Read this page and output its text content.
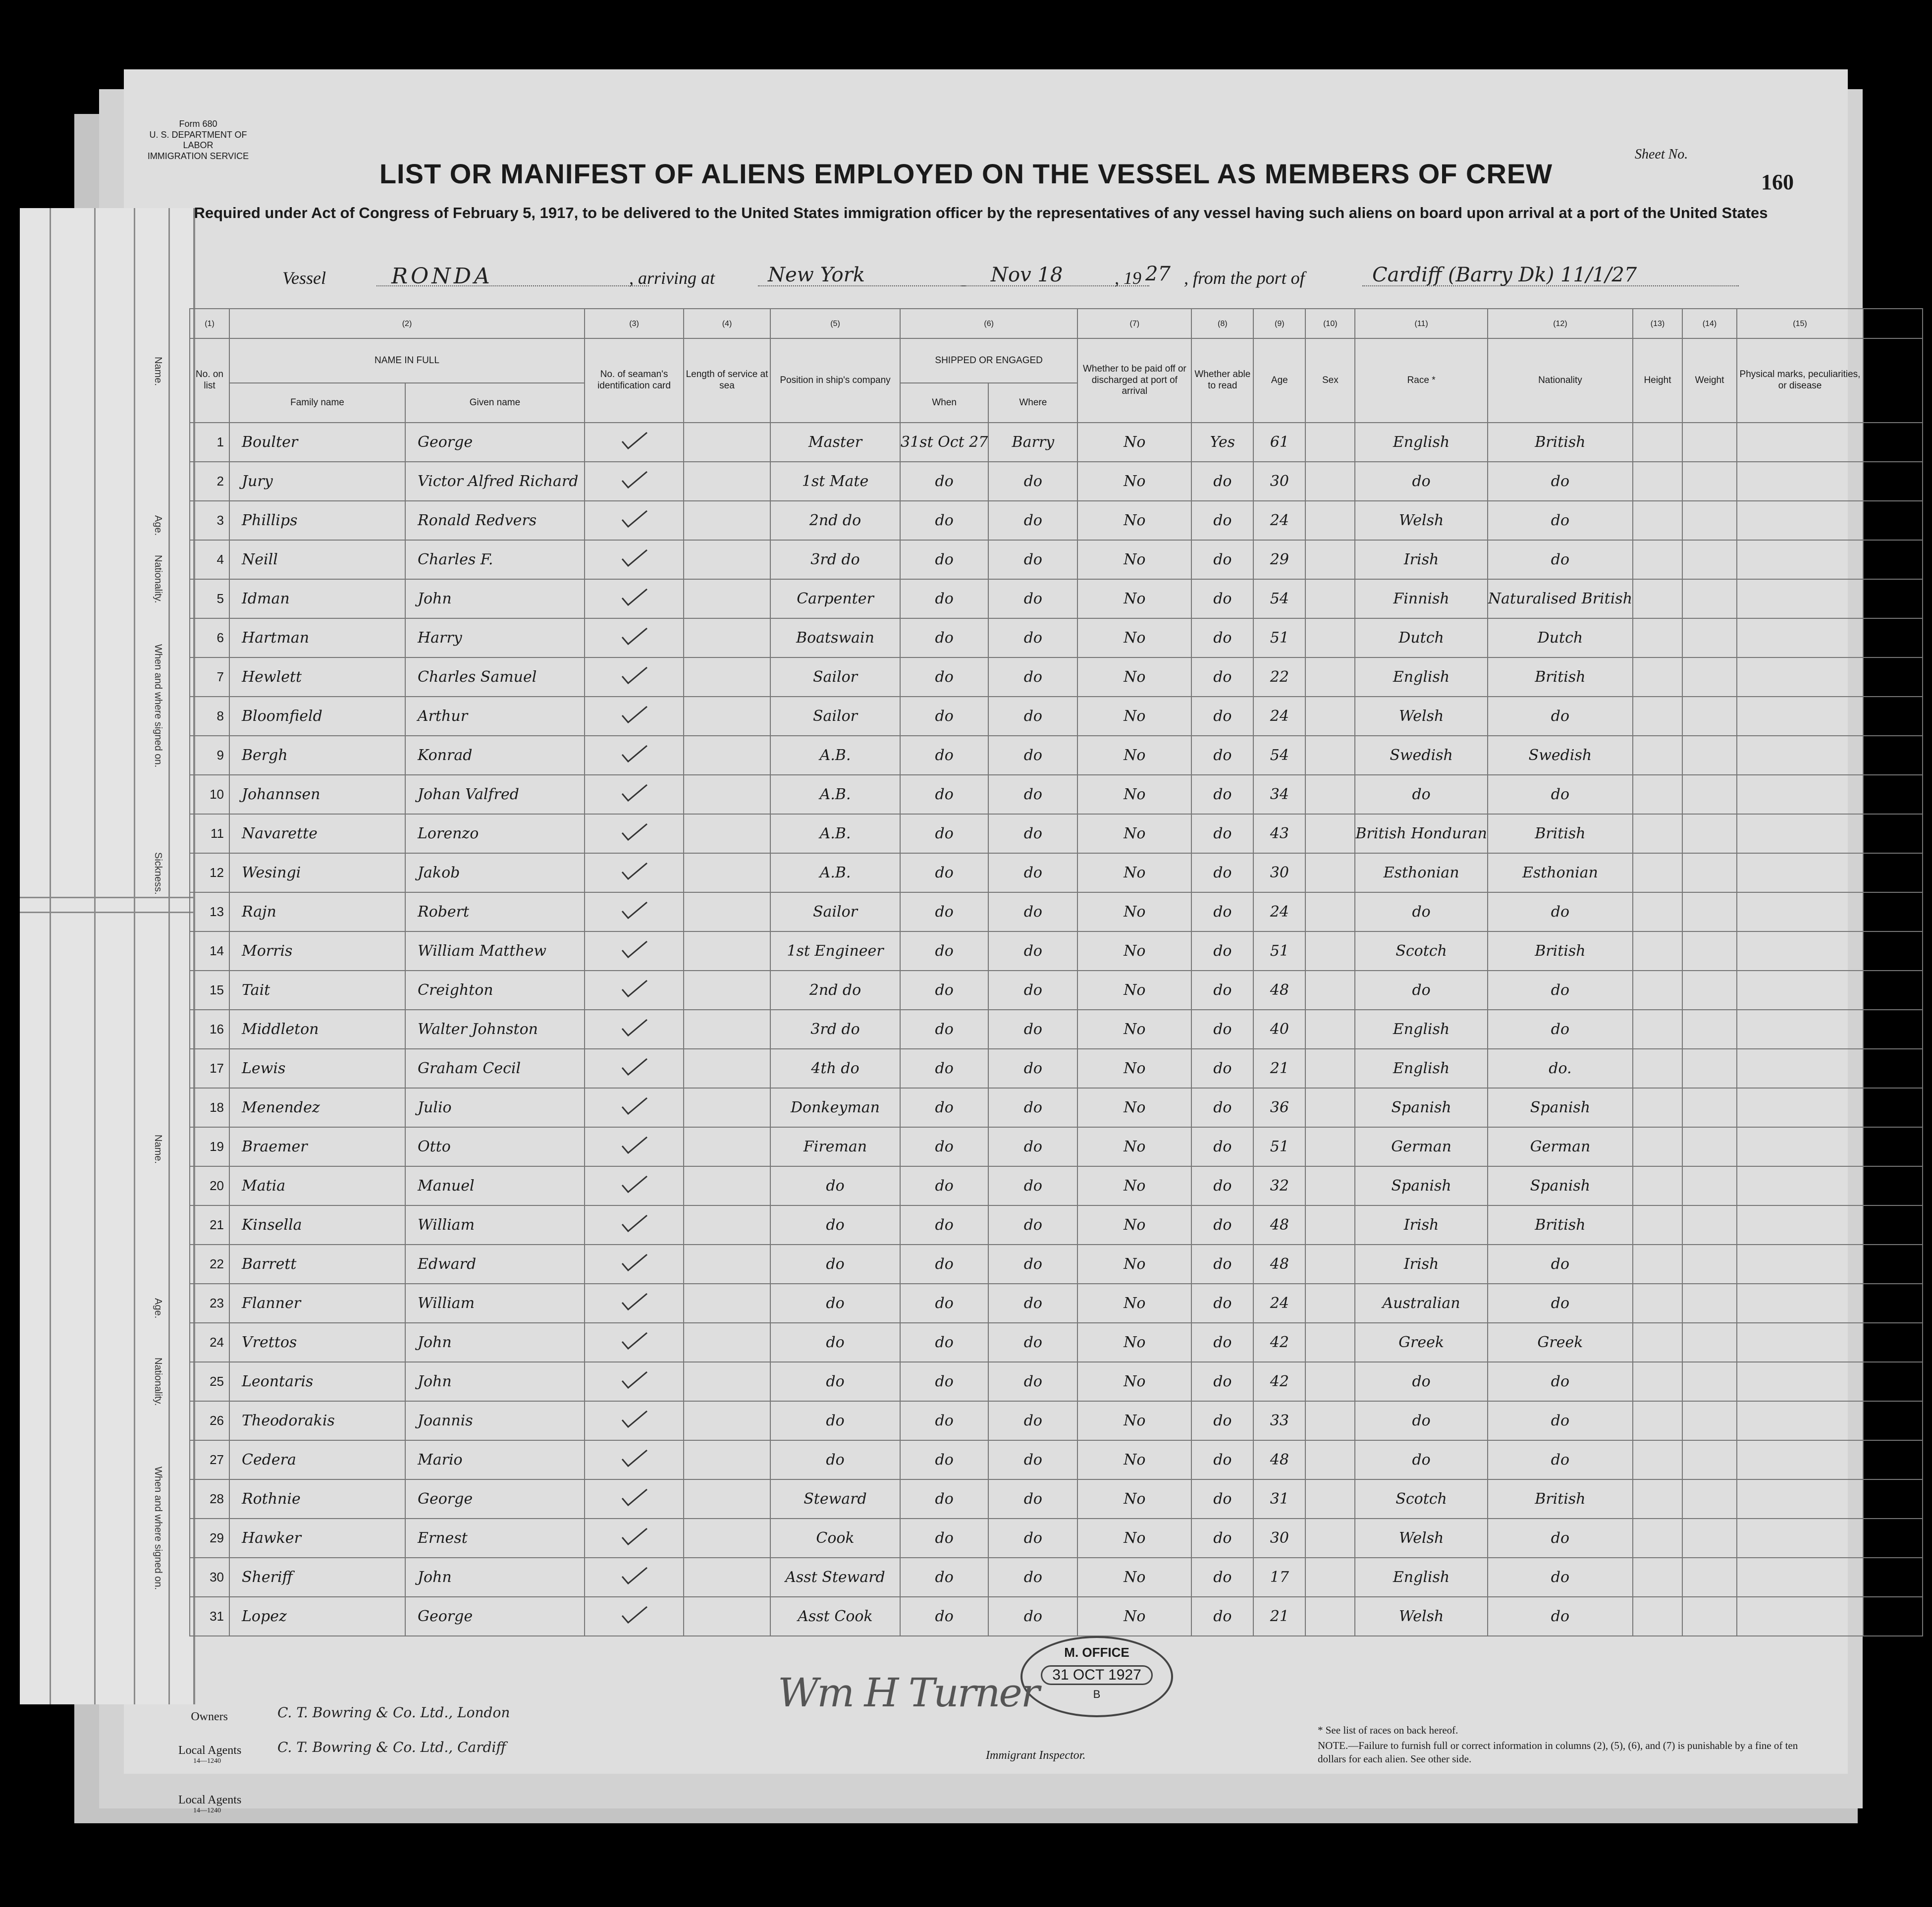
Name.
Age.
Nationality.
When and where signed on.
Sickness.
Name.
Age.
Nationality.
When and where signed on.
Form 680
U. S. DEPARTMENT OF LABOR
IMMIGRATION SERVICE	Sheet No.
160
LIST OR MANIFEST OF ALIENS EMPLOYED ON THE VESSEL AS MEMBERS OF CREW
Required under Act of Congress of February 5, 1917, to be delivered to the United States immigration officer by the representatives of any vessel having such aliens on board upon arrival at a port of the United States
Vessel	RONDA	, arriving at	New York	Nov 18	, 19 27 , from the port of	Cardiff (Barry Dk) 11/1/27
(1)	(2)		(3)	(4)	(5)	(6)		(7)	(8)	(9)	(10)	(11)	(12)	(13)	(14)	(15)	
No. on list	NAME IN FULL		No. of seaman's identification card	Length of service at sea	Position in ship's company	SHIPPED OR ENGAGED		Whether to be paid off or discharged at port of arrival	Whether able to read	Age	Sex	Race *	Nationality	Height	Weight	Physical marks, peculiarities, or disease	
	Family name	Given name				When	Where										
1	Boulter	George			Master	31st Oct 27	Barry	No	Yes	61		English	British				
2	Jury	Victor Alfred Richard			1st Mate	do	do	No	do	30		do	do				
3	Phillips	Ronald Redvers			2nd do	do	do	No	do	24		Welsh	do				
4	Neill	Charles F.			3rd do	do	do	No	do	29		Irish	do				
5	Idman	John			Carpenter	do	do	No	do	54		Finnish	Naturalised British				
6	Hartman	Harry			Boatswain	do	do	No	do	51		Dutch	Dutch				
7	Hewlett	Charles Samuel			Sailor	do	do	No	do	22		English	British				
8	Bloomfield	Arthur			Sailor	do	do	No	do	24		Welsh	do				
9	Bergh	Konrad			A.B.	do	do	No	do	54		Swedish	Swedish				
10	Johannsen	Johan Valfred			A.B.	do	do	No	do	34		do	do				
11	Navarette	Lorenzo			A.B.	do	do	No	do	43		British Honduran	British				
12	Wesingi	Jakob			A.B.	do	do	No	do	30		Esthonian	Esthonian				
13	Rajn	Robert			Sailor	do	do	No	do	24		do	do				
14	Morris	William Matthew			1st Engineer	do	do	No	do	51		Scotch	British				
15	Tait	Creighton			2nd do	do	do	No	do	48		do	do				
16	Middleton	Walter Johnston			3rd do	do	do	No	do	40		English	do				
17	Lewis	Graham Cecil			4th do	do	do	No	do	21		English	do.				
18	Menendez	Julio			Donkeyman	do	do	No	do	36		Spanish	Spanish				
19	Braemer	Otto			Fireman	do	do	No	do	51		German	German				
20	Matia	Manuel			do	do	do	No	do	32		Spanish	Spanish				
21	Kinsella	William			do	do	do	No	do	48		Irish	British				
22	Barrett	Edward			do	do	do	No	do	48		Irish	do				
23	Flanner	William			do	do	do	No	do	24		Australian	do				
24	Vrettos	John			do	do	do	No	do	42		Greek	Greek				
25	Leontaris	John			do	do	do	No	do	42		do	do				
26	Theodorakis	Joannis			do	do	do	No	do	33		do	do				
27	Cedera	Mario			do	do	do	No	do	48		do	do				
28	Rothnie	George			Steward	do	do	No	do	31		Scotch	British				
29	Hawker	Ernest			Cook	do	do	No	do	30		Welsh	do				
30	Sheriff	John			Asst Steward	do	do	No	do	17		English	do				
31	Lopez	George			Asst Cook	do	do	No	do	21		Welsh	do				
M. OFFICE
31 OCT 1927
B
C. T. Bowring & Co. Ltd., London
Owners
Local Agents
14—1240
C. T. Bowring & Co. Ltd., Cardiff
Local Agents
14—1240
Wm H Turner
Immigrant Inspector.
* See list of races on back hereof.
NOTE.—Failure to furnish full or correct information in columns (2), (5), (6), and (7) is punishable by a fine of ten dollars for each alien. See other side.
